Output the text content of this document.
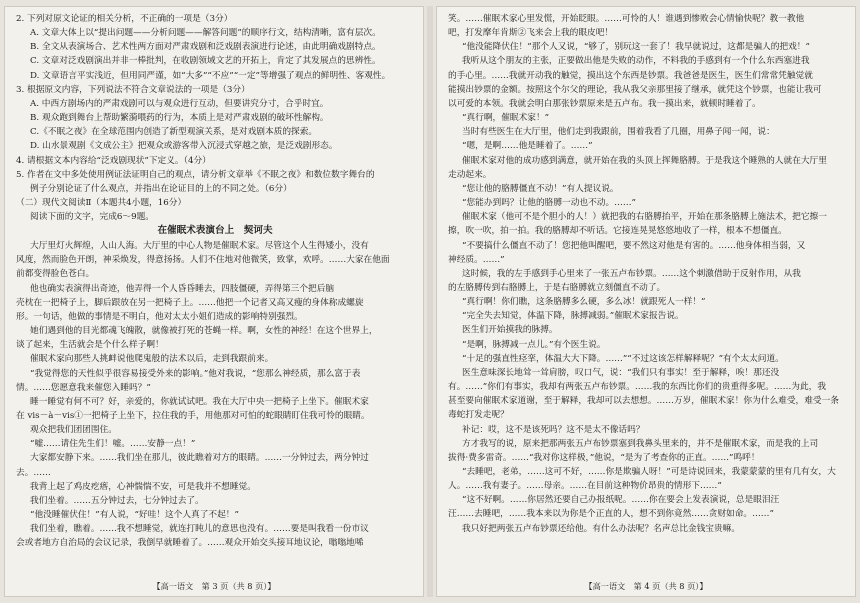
2. 下列对原文论证的相关分析，不正确的一项是（3分）
A. 文章大体上以“提出问题——分析问题——解答问题”的顺序行文，结构清晰，富有层次。
B. 全文从表演场合、艺术性两方面对严肃戏剧和泛戏剧表演进行论述，由此明确戏剧特点。
C. 文章对泛戏剧演出并非一棒批判，在收剧领域文艺的开拓上，肯定了其发展点的思辨性。
D. 文章语言平实浅近，但用同严谨，如“大多”“不应”“一定”等增强了观点的鲜明性、客观性。
3. 根据原文内容，下列说法不符合文章说法的一项是（3分）
A. 中西方剧场内的严肃戏剧可以与观众进行互动，但要讲究分寸，合乎时宜。
B. 观众跑到舞台上帮助繁漪喂药的行为，本质上是对严肃戏剧的破坏性解构。
C.《不眠之夜》在全球范围内创造了新型观演关系，是对戏剧本质的探索。
D. 山水景观剧《文成公主》把观众或游客带入沉浸式穿越之旅，是泛戏剧形态。
4. 请根据文本内容给“泛戏剧现状”下定义。（4分）
5. 作者在文中多处使用例证法证明自己的观点，请分析文章举《不眠之夜》和数位数字舞台的
例子分别论证了什么观点，并指出在论证目的上的不同之处。（6分）
（二）现代文阅读Ⅱ（本题共4小题，16分）
阅读下面的文字，完成6～9题。
在催眠术表演台上　契诃夫
大厅里灯火辉煌，人山人海。大厅里的中心人物是催眠术家。尽管这个人生得矮小，没有
风度，然而脸色开朗，神采焕发，得意扬扬。人们不住地对他微笑，致掌，欢呼。……大家在他面
前都变得脸色苍白。
他也确实表演得出奇迹，他弄得一个人昏昏睡去，四肢僵硬，弄得第三个把后脑
壳枕在一把椅子上，脚后跟放在另一把椅子上。……他把一个记者又高又瘦的身体称成螺旋
形。一句话，他做的事情是不明白，他对太太小姐们造成的影响特别强烈。
她们遇到他的目光都魂飞魄散，就像被打死的苍蝇一样。啊，女性的神经！在这个世界上，
谈了起来，生活就会是个什么样子啊！
催眠术家向那些人挑衅说他爬鬼般的法术以后，走到我跟前来。
“我觉得您的天性似乎很容易接受外来的影响。”他对我说，“您那么神经质，那么富于表
情。……您愿意我来催您入睡吗？”
睡一睡觉有何不可？好，亲爱的，你就试试吧。我在大厅中央一把椅子上坐下。催眠术家
在 vis－à－vis①一把椅子上坐下，拉住我的手，用他那对可怕的蛇眼睛盯住我可怜的眼睛。
观众把我们团团围住。
“嘘……请住先生们！嘘。……安静一点！”
大家都安静下来。……我们坐在那儿，彼此瞧着对方的眼睛。……一分钟过去，两分钟过
去。……
我背上起了鸡皮疙瘩，心神惴惴不安，可是我并不想睡觉。
我们坐着。……五分钟过去，七分钟过去了。
“他没睡催伏住！”有人说，“好哇！这个人真了不起！”
我们坐着，瞧着。……我不想睡觉，就连打盹儿的意思也没有。……要是叫我看一份市议
会或者地方自治局的会议记录，我倒早就睡着了。……观众开始交头接耳地议论，嗡嗡地唏
【高一语文　第 3 页（共 8 页）】
笑。……催眠术家心里发慌，开始眨眼。……可怜的人！谁遇到惨败会心情愉快呢？教一教他
吧，打发摩年肯斯②飞来会上我的眼皮吧！
“他没能降伏住！”那个人又说，“够了，别玩这一套了！我早就说过，这都是骗人的把戏！”
我听从这个朋友的主张，正要做出他是失败的动作，不料我的手感到有一个什么东西塞进我
的手心里。……我就开动我的触觉，摸出这个东西是钞票。我爸爸是医生，医生们常常凭触觉就
能摸出钞票的金额。按照这个尔父的理论，我从我父亲那里接了继承，就凭这个钞票，也能让我可
以可爱的本领。我就会明白那张钞票原来是五卢布。我一摸出来，就顿时睡着了。
“真行啊，催眠术家！”
当时有些医生在大厅里，他们走到我跟前，围着我看了几圈，用鼻子闻一闻，说：
“嗯，是啊……他是睡着了。……”
催眠术家对他的成功感到满意，就开始在我的头顶上挥舞胳膊。于是我这个睡熟的人就在大厅里
走动起来。
“您让他的胳膊僵直不动！”有人提议说。
“您能办到吗？让他的胳膊一动也不动。……”
催眠术家（他可不是个胆小的人！）就把我的右胳膊抬平，开始在那条胳膊上施法术，把它擦一
擦，吹一吹，拍一拍。我的胳膊却不听话。它接连晃晃悠悠地收了一样，根本不想僵直。
“不要搞什么僵直不动了！您把他叫醒吧，要不然这对他是有害的。……他身体相当弱，又
神经质。……”
这时候，我的左手感到手心里来了一张五卢布钞票。……这个刺激借助于反射作用，从我
的左胳膊传到右胳膊上，于是右胳膊就立刻僵直不动了。
“真行啊！你们瞧，这条胳膊多么硬，多么冰！就跟死人一样！”
“完全失去知觉，体温下降，脉搏减弱。”催眠术家报告说。
医生们开始摸我的脉搏。
“是啊，脉搏减一点儿。”有个医生说。
“十足的强直性痉挛，体温大大下降。……”“不过这该怎样解释呢？”有个太太问道。
医生意味深长地耸一耸肩膀，叹口气，说：“我们只有事实！至于解释，唉！那还没
有。……”你们有事实，我却有两张五卢布钞票。……我的东西比你们的贵重得多呢。……为此，我
甚至要向催眠术家道谢，至于解释，我却可以去想想。……万岁，催眠术家！你为什么难受，难受一条
毒蛇打发走呢？
补记：哎，这不是该死吗？这不是太不像话吗？
方才我写的说，原来把那两张五卢布钞票塞到我鼻头里来的，并不是催眠术家，而是我的上司
拔得·费多雷奇。……“我对你这样极，”他说，“是为了考查你的正直。……”鸣呼！
“去睡吧，老弟，……这可不好，……你是欺骗人呀！”可是诗说回来，我蒙蒙蒙的里有几有女，大
人。……我有妻子。……母亲。……在目前这种物价昂贵的情形下……”
“这不好啊。……你居然还要自己办报纸呢。……你在要会上发表演说，总是眼泪汪
汪……去睡吧，……我本来以为你是个正直的人，想不到你竟然……贪财如命。……”
我只好把两张五卢布钞票还给他。有什么办法呢？名声总比金钱宝贵嘛。
【高一语文　第 4 页（共 8 页）】
